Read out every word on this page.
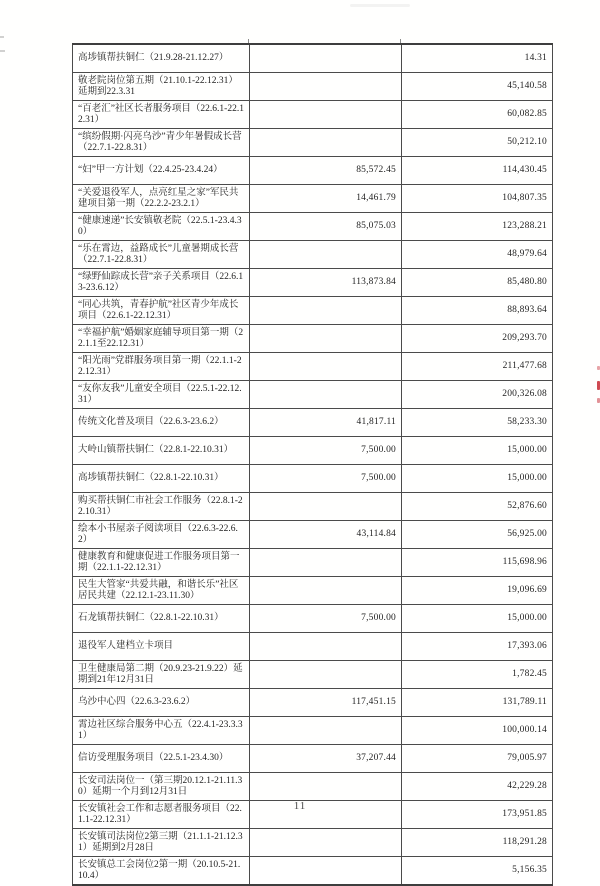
高埗镇帮扶铜仁（21.9.28-21.12.27）		14.31
敬老院岗位第五期（21.10.1-22.12.31）延期到22.3.31		45,140.58
“百老汇”社区长者服务项目（22.6.1-22.12.31）		60,082.85
“缤纷假期·闪亮乌沙”青少年暑假成长营（22.7.1-22.8.31）		50,212.10
“妇”甲一方计划（22.4.25-23.4.24）	85,572.45	114,430.45
“关爱退役军人，点亮红星之家”军民共建项目第一期（22.2.2-23.2.1）	14,461.79	104,807.35
“健康速递”长安镇敬老院（22.5.1-23.4.30）	85,075.03	123,288.21
“乐在霄边，益路成长”儿童暑期成长营（22.7.1-22.8.31）		48,979.64
“绿野仙踪成长营”亲子关系项目（22.6.13-23.6.12）	113,873.84	85,480.80
“同心共筑，青春护航”社区青少年成长项目（22.6.1-22.12.31）		88,893.64
“幸福护航”婚姻家庭辅导项目第一期（22.1.1至22.12.31）		209,293.70
“阳光雨”党群服务项目第一期（22.1.1-22.12.31）		211,477.68
“友你友我”儿童安全项目（22.5.1-22.12.31）		200,326.08
传统文化普及项目（22.6.3-23.6.2）	41,817.11	58,233.30
大岭山镇帮扶铜仁（22.8.1-22.10.31）	7,500.00	15,000.00
高埗镇帮扶铜仁（22.8.1-22.10.31）	7,500.00	15,000.00
购买帮扶铜仁市社会工作服务（22.8.1-22.10.31）		52,876.60
绘本小书屋亲子阅读项目（22.6.3-22.6.2）	43,114.84	56,925.00
健康教育和健康促进工作服务项目第一期（22.1.1-22.12.31）		115,698.96
民生大管家“共爱共融，和谐长乐”社区居民共建（22.12.1-23.11.30）		19,096.69
石龙镇帮扶铜仁（22.8.1-22.10.31）	7,500.00	15,000.00
退役军人建档立卡项目		17,393.06
卫生健康局第二期（20.9.23-21.9.22）延期到21年12月31日		1,782.45
乌沙中心四（22.6.3-23.6.2）	117,451.15	131,789.11
霄边社区综合服务中心五（22.4.1-23.3.31）		100,000.14
信访受理服务项目（22.5.1-23.4.30）	37,207.44	79,005.97
长安司法岗位一（第三期20.12.1-21.11.30）延期一个月到12月31日		42,229.28
长安镇社会工作和志愿者服务项目（22.1.1-22.12.31）		173,951.85
长安镇司法岗位2第三期（21.1.1-21.12.31）延期到2月28日		118,291.28
长安镇总工会岗位2第一期（20.10.5-21.10.4）		5,156.35
11
